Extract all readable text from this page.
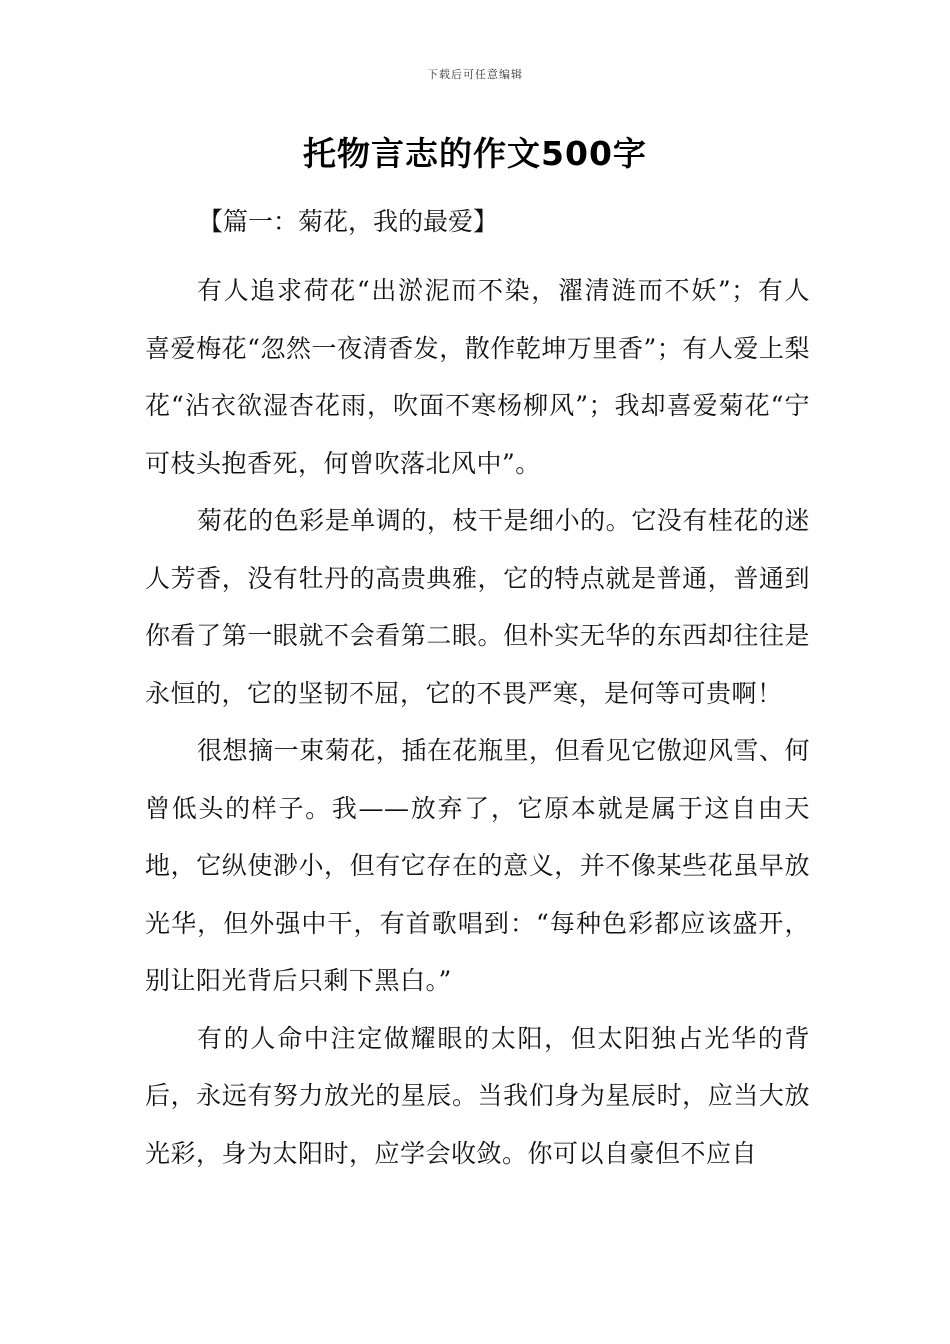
下载后可任意编辑
托物言志的作文500字
【篇一：菊花，我的最爱】

有人追求荷花“出淤泥而不染，濯清涟而不妖”；有人喜爱梅花“忽然一夜清香发，散作乾坤万里香”；有人爱上梨花“沾衣欲湿杏花雨，吹面不寒杨柳风”；我却喜爱菊花“宁可枝头抱香死，何曾吹落北风中”。

菊花的色彩是单调的，枝干是细小的。它没有桂花的迷人芳香，没有牡丹的高贵典雅，它的特点就是普通，普通到你看了第一眼就不会看第二眼。但朴实无华的东西却往往是永恒的，它的坚韧不屈，它的不畏严寒，是何等可贵啊！

很想摘一束菊花，插在花瓶里，但看见它傲迎风雪、何曾低头的样子。我——放弃了，它原本就是属于这自由天地，它纵使渺小，但有它存在的意义，并不像某些花虽早放光华，但外强中干，有首歌唱到：“每种色彩都应该盛开，别让阳光背后只剩下黑白。”

有的人命中注定做耀眼的太阳，但太阳独占光华的背后，永远有努力放光的星辰。当我们身为星辰时，应当大放光彩，身为太阳时，应学会收敛。你可以自豪但不应自
